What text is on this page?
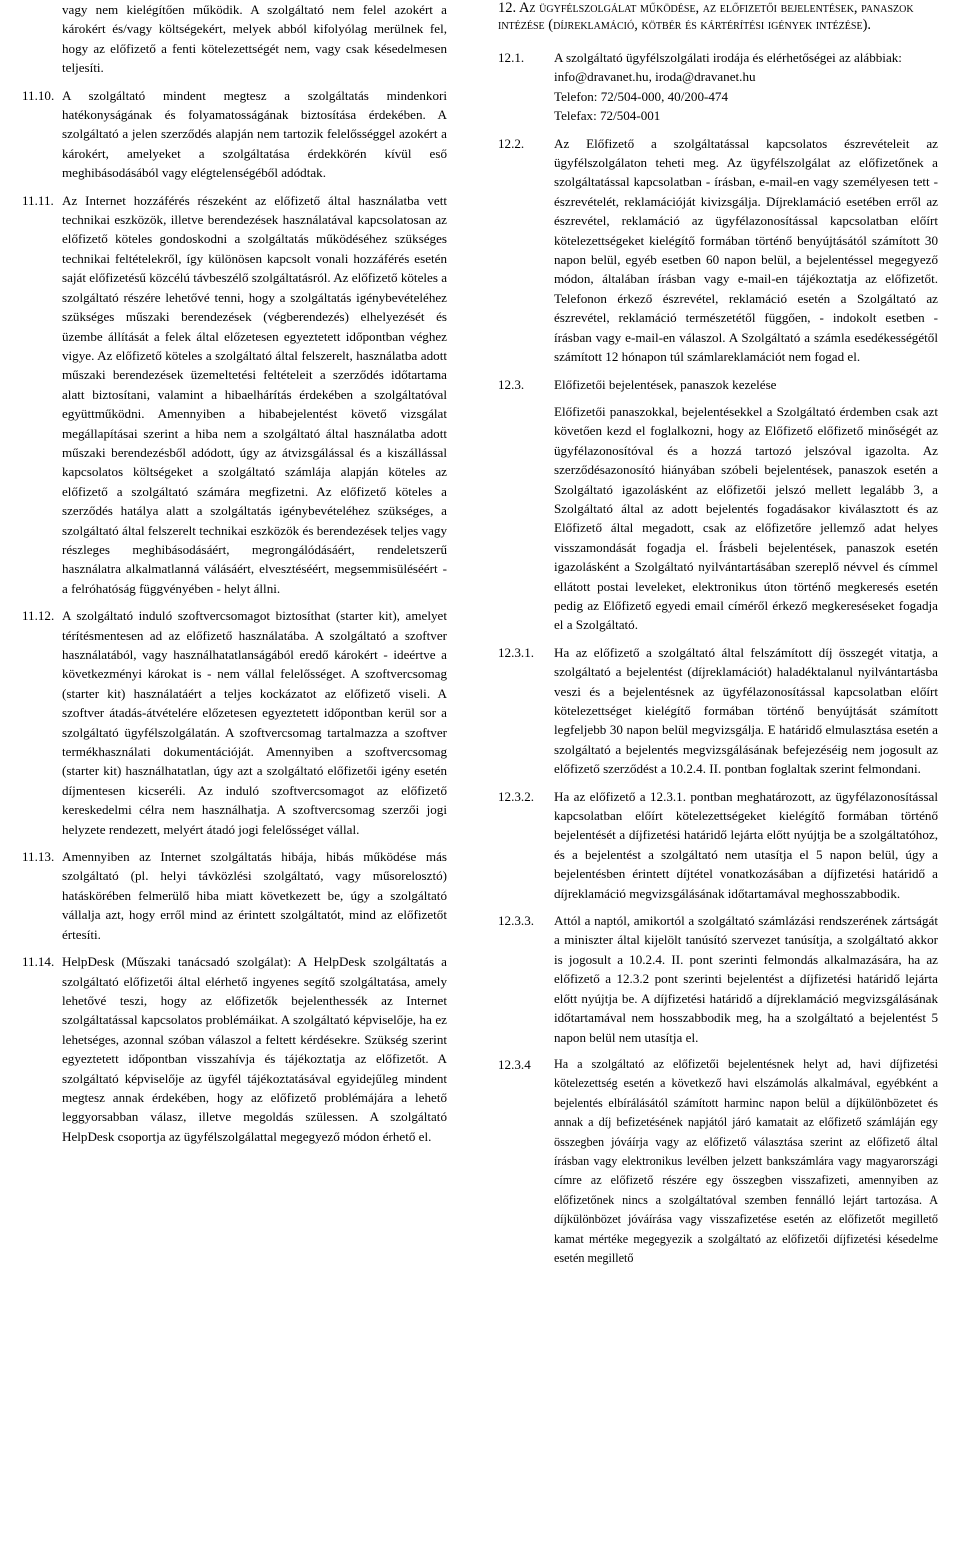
vagy nem kielégítően működik. A szolgáltató nem felel azokért a károkért és/vagy költségekért, melyek abból kifolyólag merülnek fel, hogy az előfizető a fenti kötelezettségét nem, vagy csak késedelmesen teljesíti.

11.10. A szolgáltató mindent megtesz a szolgáltatás mindenkori hatékonyságának és folyamatosságának biztosítása érdekében. A szolgáltató a jelen szerződés alapján nem tartozik felelősséggel azokért a károkért, amelyeket a szolgáltatása érdekkörén kívül eső meghibásodásából vagy elégtelenségéből adódtak.

11.11. Az Internet hozzáférés részeként az előfizető által használatba vett technikai eszközök, illetve berendezések használatával kapcsolatosan az előfizető köteles gondoskodni a szolgáltatás működéséhez szükséges technikai feltételekről, így különösen kapcsolt vonali hozzáférés esetén saját előfizetésű közcélú távbeszélő szolgáltatásról. Az előfizető köteles a szolgáltató részére lehetővé tenni, hogy a szolgáltatás igénybevételéhez szükséges műszaki berendezések (végberendezés) elhelyezését és üzembe állítását a felek által előzetesen egyeztetett időpontban véghez vigye. Az előfizető köteles a szolgáltató által felszerelt, használatba adott műszaki berendezések üzemeltetési feltételeit a szerződés időtartama alatt biztosítani, valamint a hibaelhárítás érdekében a szolgáltatóval együttműködni. Amennyiben a hibabejelentést követő vizsgálat megállapításai szerint a hiba nem a szolgáltató által használatba adott műszaki berendezésből adódott, úgy az átvizsgálással és a kiszállással kapcsolatos költségeket a szolgáltató számlája alapján köteles az előfizető a szolgáltató számára megfizetni. Az előfizető köteles a szerződés hatálya alatt a szolgáltatás igénybevételéhez szükséges, a szolgáltató által felszerelt technikai eszközök és berendezések teljes vagy részleges meghibásodásáért, megrongálódásáért, rendeletszerű használatra alkalmatlanná válásáért, elvesztéséért, megsemmisüléséért - a felróhatóság függvényében - helyt állni.

11.12. A szolgáltató induló szoftvercsomagot biztosíthat (starter kit), amelyet térítésmentesen ad az előfizető használatába. A szolgáltató a szoftver használatából, vagy használhatatlanságából eredő károkért - ideértve a következményi károkat is - nem vállal felelősséget. A szoftvercsomag (starter kit) használatáért a teljes kockázatot az előfizető viseli. A szoftver átadás-átvételére előzetesen egyeztetett időpontban kerül sor a szolgáltató ügyfélszolgálatán. A szoftvercsomag tartalmazza a szoftver termékhasználati dokumentációját. Amennyiben a szoftvercsomag (starter kit) használhatatlan, úgy azt a szolgáltató előfizetői igény esetén díjmentesen kicseréli. Az induló szoftvercsomagot az előfizető kereskedelmi célra nem használhatja. A szoftvercsomag szerzői jogi helyzete rendezett, melyért átadó jogi felelősséget vállal.

11.13. Amennyiben az Internet szolgáltatás hibája, hibás működése más szolgáltató (pl. helyi távközlési szolgáltató, vagy műsorelosztó) hatáskörében felmerülő hiba miatt következett be, úgy a szolgáltató vállalja azt, hogy erről mind az érintett szolgáltatót, mind az előfizetőt értesíti.

11.14. HelpDesk (Műszaki tanácsadó szolgálat): A HelpDesk szolgáltatás a szolgáltató előfizetői által elérhető ingyenes segítő szolgáltatása, amely lehetővé teszi, hogy az előfizetők bejelenthessék az Internet szolgáltatással kapcsolatos problémáikat. A szolgáltató képviselője, ha ez lehetséges, azonnal szóban válaszol a feltett kérdésekre. Szükség szerint egyeztetett időpontban visszahívja és tájékoztatja az előfizetőt. A szolgáltató képviselője az ügyfél tájékoztatásával egyidejűleg mindent megtesz annak érdekében, hogy az előfizető problémájára a lehető leggyorsabban válasz, illetve megoldás szülessen. A szolgáltató HelpDesk csoportja az ügyfélszolgálattal megegyező módon érhető el.

12. Az ügyfélszolgálat működése, az előfizetői bejelentések, panaszok intézése (díjreklamáció, kötbér és kártérítési igények intézése).
12.1.	A szolgáltató ügyfélszolgálati irodája és elérhetőségei az alábbiak:

info@dravanet.hu, iroda@dravanet.hu
Telefon: 72/504-000, 40/200-474
Telefax: 72/504-001
12.2.	Az Előfizető a szolgáltatással kapcsolatos észrevételeit az ügyfélszolgálaton teheti meg. Az ügyfélszolgálat az előfizetőnek a szolgáltatással kapcsolatban - írásban, e-mail-en vagy személyesen tett - észrevételét, reklamációját kivizsgálja. Díjreklamáció esetében erről az észrevétel, reklamáció az ügyfélazonosítással kapcsolatban előírt kötelezettségeket kielégítő formában történő benyújtásától számított 30 napon belül, egyéb esetben 60 napon belül, a bejelentéssel megegyező módon, általában írásban vagy e-mail-en tájékoztatja az előfizetőt. Telefonon érkező észrevétel, reklamáció esetén a Szolgáltató az észrevétel, reklamáció természetétől függően, - indokolt esetben - írásban vagy e-mail-en válaszol. A Szolgáltató a számla esedékességétől számított 12 hónapon túl számlareklamációt nem fogad el.

12.3.	Előfizetői bejelentések, panaszok kezelése

Előfizetői panaszokkal, bejelentésekkel a Szolgáltató érdemben csak azt követően kezd el foglalkozni, hogy az Előfizető előfizető minőségét az ügyfélazonosítóval és a hozzá tartozó jelszóval igazolta. Az szerződésazonosító hiányában szóbeli bejelentések, panaszok esetén a Szolgáltató igazolásként az előfizetői jelszó mellett legalább 3, a Szolgáltató által az adott bejelentés fogadásakor kiválasztott és az Előfizető által megadott, csak az előfizetőre jellemző adat helyes visszamondását fogadja el. Írásbeli bejelentések, panaszok esetén igazolásként a Szolgáltató nyilvántartásában szereplő névvel és címmel ellátott postai leveleket, elektronikus úton történő megkeresés esetén pedig az Előfizető egyedi email címéről érkező megkereséseket fogadja el a Szolgáltató.

12.3.1.	Ha az előfizető a szolgáltató által felszámított díj összegét vitatja, a szolgáltató a bejelentést (díjreklamációt) haladéktalanul nyilvántartásba veszi és a bejelentésnek az ügyfélazonosítással kapcsolatban előírt kötelezettséget kielégítő formában történő benyújtását számított legfeljebb 30 napon belül megvizsgálja. E határidő elmulasztása esetén a szolgáltató a bejelentés megvizsgálásának befejezéséig nem jogosult az előfizető szerződést a 10.2.4. II. pontban foglaltak szerint felmondani.

12.3.2.	Ha az előfizető a 12.3.1. pontban meghatározott, az ügyfélazonosítással kapcsolatban előírt kötelezettségeket kielégítő formában történő bejelentését a díjfizetési határidő lejárta előtt nyújtja be a szolgáltatóhoz, és a bejelentést a szolgáltató nem utasítja el 5 napon belül, úgy a bejelentésben érintett díjtétel vonatkozásában a díjfizetési határidő a díjreklamáció megvizsgálásának időtartamával meghosszabbodik.

12.3.3.	Attól a naptól, amikortól a szolgáltató számlázási rendszerének zártságát a miniszter által kijelölt tanúsító szervezet tanúsítja, a szolgáltató akkor is jogosult a 10.2.4. II. pont szerinti felmondás alkalmazására, ha az előfizető a 12.3.2 pont szerinti bejelentést a díjfizetési határidő lejárta előtt nyújtja be. A díjfizetési határidő a díjreklamáció megvizsgálásának időtartamával nem hosszabbodik meg, ha a szolgáltató a bejelentést 5 napon belül nem utasítja el.

12.3.4	Ha a szolgáltató az előfizetői bejelentésnek helyt ad, havi díjfizetési kötelezettség esetén a következő havi elszámolás alkalmával, egyébként a bejelentés elbírálásától számított harminc napon belül a díjkülönbözetet és annak a díj befizetésének napjától járó kamatait az előfizető számláján egy összegben jóváírja vagy az előfizető választása szerint az előfizető által írásban vagy elektronikus levélben jelzett bankszámlára vagy magyarországi címre az előfizető részére egy összegben visszafizeti, amennyiben az előfizetőnek nincs a szolgáltatóval szemben fennálló lejárt tartozása. A díjkülönbözet jóváírása vagy visszafizetése esetén az előfizetőt megillető kamat mértéke megegyezik a szolgáltató az előfizetői díjfizetési késedelme esetén megillető
